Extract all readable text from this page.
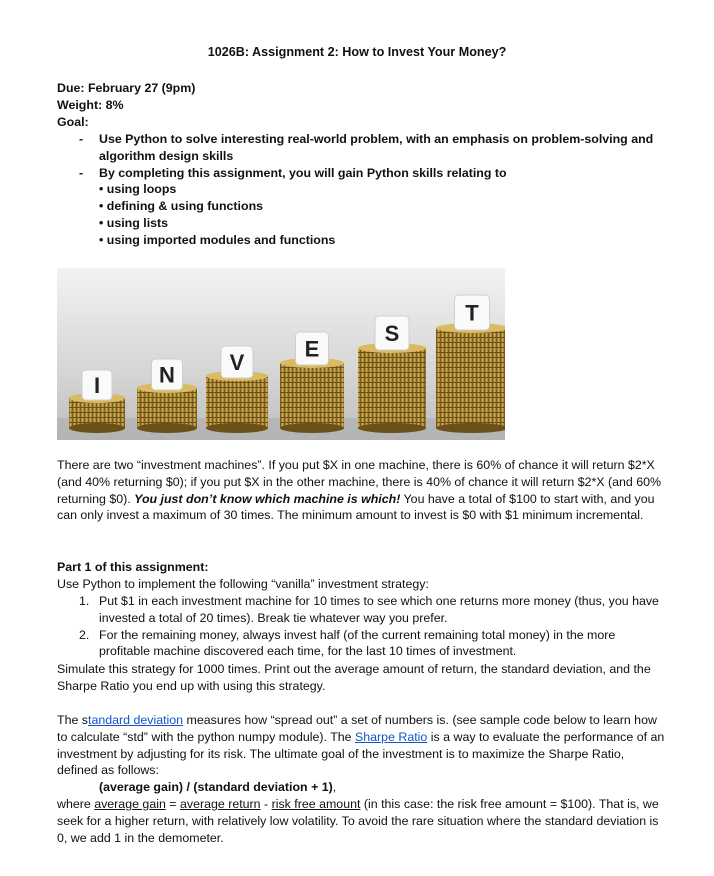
1026B: Assignment 2: How to Invest Your Money?
Due: February 27 (9pm)
Weight: 8%
Goal:
- Use Python to solve interesting real-world problem, with an emphasis on problem-solving and algorithm design skills
- By completing this assignment, you will gain Python skills relating to
• using loops
• defining & using functions
• using lists
• using imported modules and functions
I	N V
E
S
T
There are two “investment machines”. If you put $X in one machine, there is 60% of chance it will return $2*X (and 40% returning $0); if you put $X in the other machine, there is 40% of chance it will return $2*X (and 60% returning $0). You just don’t know which machine is which! You have a total of $100 to start with, and you can only invest a maximum of 30 times. The minimum amount to invest is $0 with $1 minimum incremental.
Part 1 of this assignment:
Use Python to implement the following “vanilla” investment strategy:
1. Put $1 in each investment machine for 10 times to see which one returns more money (thus, you have invested a total of 20 times). Break tie whatever way you prefer.
2. For the remaining money, always invest half (of the current remaining total money) in the more profitable machine discovered each time, for the last 10 times of investment.
Simulate this strategy for 1000 times. Print out the average amount of return, the standard deviation, and the Sharpe Ratio you end up with using this strategy.
The standard deviation measures how “spread out” a set of numbers is. (see sample code below to learn how to calculate “std” with the python numpy module). The Sharpe Ratio is a way to evaluate the performance of an investment by adjusting for its risk. The ultimate goal of the investment is to maximize the Sharpe Ratio, defined as follows:
(average gain) / (standard deviation + 1),
where average gain = average return - risk free amount (in this case: the risk free amount = $100). That is, we seek for a higher return, with relatively low volatility. To avoid the rare situation where the standard deviation is 0, we add 1 in the demometer.
